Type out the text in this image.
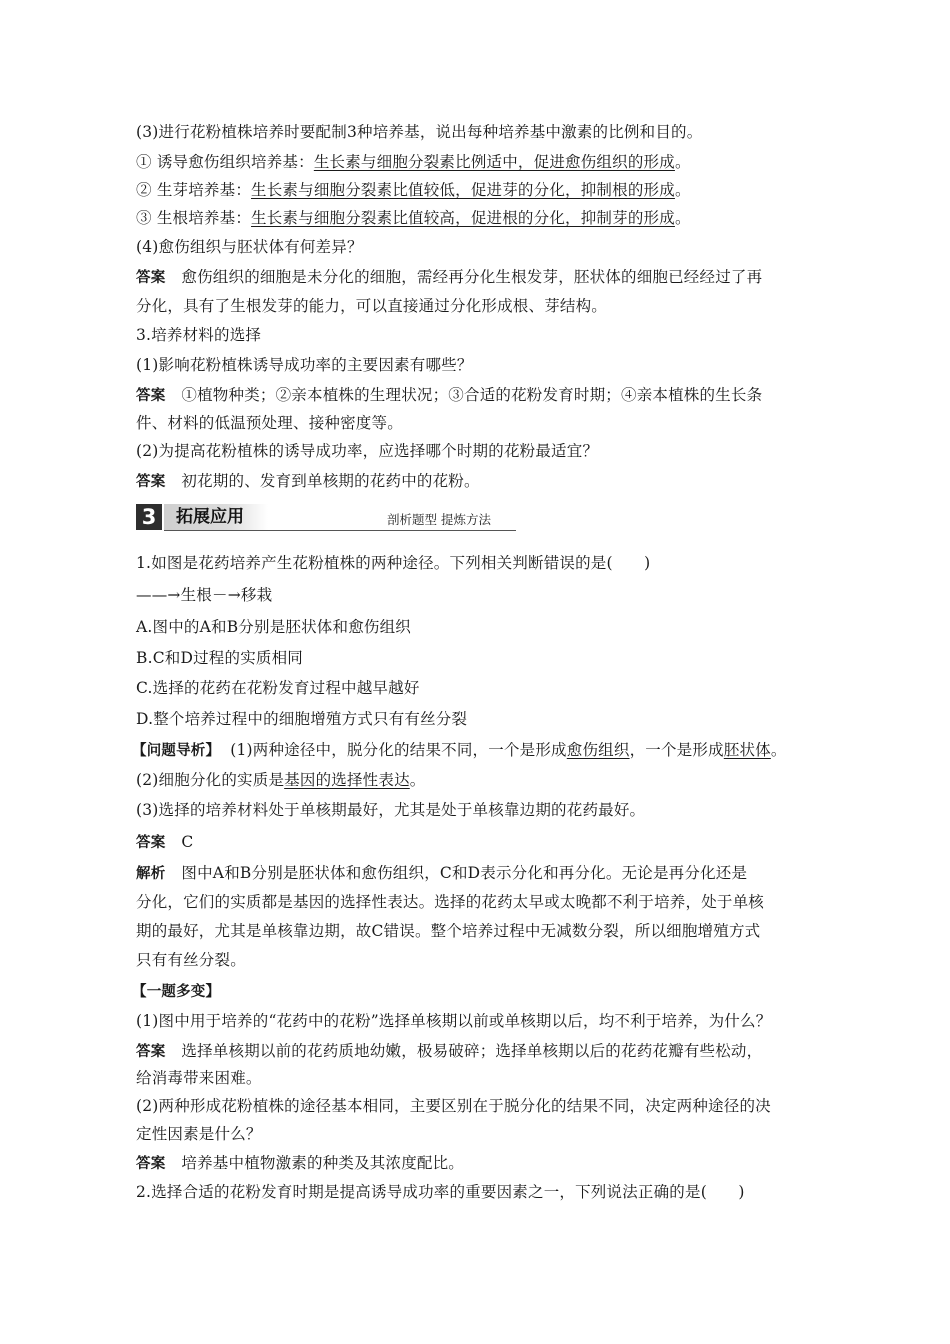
(3)进行花粉植株培养时要配制3种培养基，说出每种培养基中激素的比例和目的。
① 诱导愈伤组织培养基：生长素与细胞分裂素比例适中，促进愈伤组织的形成。
② 生芽培养基：生长素与细胞分裂素比值较低，促进芽的分化，抑制根的形成。
③ 生根培养基：生长素与细胞分裂素比值较高，促进根的分化，抑制芽的形成。
(4)愈伤组织与胚状体有何差异？
答案 愈伤组织的细胞是未分化的细胞，需经再分化生根发芽，胚状体的细胞已经经过了再
分化，具有了生根发芽的能力，可以直接通过分化形成根、芽结构。
3.培养材料的选择
(1)影响花粉植株诱导成功率的主要因素有哪些？
答案 ①植物种类；②亲本植株的生理状况；③合适的花粉发育时期；④亲本植株的生长条
件、材料的低温预处理、接种密度等。
(2)为提高花粉植株的诱导成功率，应选择哪个时期的花粉最适宜？
答案 初花期的、发育到单核期的花药中的花粉。
3	拓展应用	剖析题型 提炼方法
1.如图是花药培养产生花粉植株的两种途径。下列相关判断错误的是(　　)
——→生根－→移栽
A.图中的A和B分别是胚状体和愈伤组织
B.C和D过程的实质相同
C.选择的花药在花粉发育过程中越早越好
D.整个培养过程中的细胞增殖方式只有有丝分裂
【问题导析】 (1)两种途径中，脱分化的结果不同，一个是形成愈伤组织，一个是形成胚状体。
(2)细胞分化的实质是基因的选择性表达。
(3)选择的培养材料处于单核期最好，尤其是处于单核靠边期的花药最好。
答案 C
解析 图中A和B分别是胚状体和愈伤组织，C和D表示分化和再分化。无论是再分化还是
分化，它们的实质都是基因的选择性表达。选择的花药太早或太晚都不利于培养，处于单核
期的最好，尤其是单核靠边期，故C错误。整个培养过程中无减数分裂，所以细胞增殖方式
只有有丝分裂。
【一题多变】
(1)图中用于培养的“花药中的花粉”选择单核期以前或单核期以后，均不利于培养，为什么？
答案 选择单核期以前的花药质地幼嫩，极易破碎；选择单核期以后的花药花瓣有些松动，
给消毒带来困难。
(2)两种形成花粉植株的途径基本相同，主要区别在于脱分化的结果不同，决定两种途径的决
定性因素是什么？
答案 培养基中植物激素的种类及其浓度配比。
2.选择合适的花粉发育时期是提高诱导成功率的重要因素之一，下列说法正确的是(　　)
